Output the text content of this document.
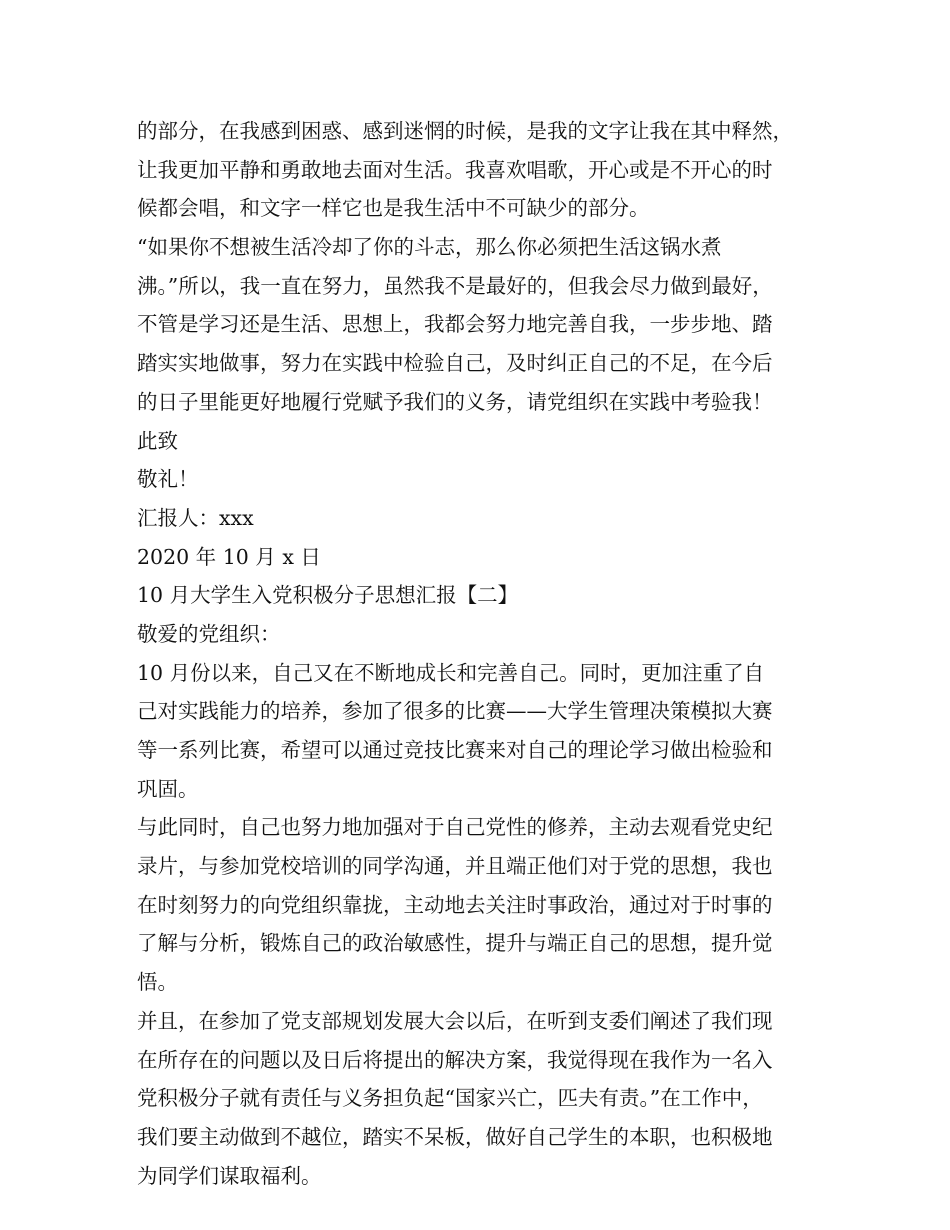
的部分，在我感到困惑、感到迷惘的时候，是我的文字让我在其中释然，
让我更加平静和勇敢地去面对生活。我喜欢唱歌，开心或是不开心的时
候都会唱，和文字一样它也是我生活中不可缺少的部分。
“如果你不想被生活冷却了你的斗志，那么你必须把生活这锅水煮
沸。”所以，我一直在努力，虽然我不是最好的，但我会尽力做到最好，
不管是学习还是生活、思想上，我都会努力地完善自我，一步步地、踏
踏实实地做事，努力在实践中检验自己，及时纠正自己的不足，在今后
的日子里能更好地履行党赋予我们的义务，请党组织在实践中考验我！
此致
敬礼！
汇报人：xxx
2020 年 10 月 x 日
10 月大学生入党积极分子思想汇报【二】
敬爱的党组织：
10 月份以来，自己又在不断地成长和完善自己。同时，更加注重了自
己对实践能力的培养，参加了很多的比赛——大学生管理决策模拟大赛
等一系列比赛，希望可以通过竞技比赛来对自己的理论学习做出检验和
巩固。
与此同时，自己也努力地加强对于自己党性的修养，主动去观看党史纪
录片，与参加党校培训的同学沟通，并且端正他们对于党的思想，我也
在时刻努力的向党组织靠拢，主动地去关注时事政治，通过对于时事的
了解与分析，锻炼自己的政治敏感性，提升与端正自己的思想，提升觉
悟。
并且，在参加了党支部规划发展大会以后，在听到支委们阐述了我们现
在所存在的问题以及日后将提出的解决方案，我觉得现在我作为一名入
党积极分子就有责任与义务担负起“国家兴亡，匹夫有责。”在工作中，
我们要主动做到不越位，踏实不呆板，做好自己学生的本职，也积极地
为同学们谋取福利。
